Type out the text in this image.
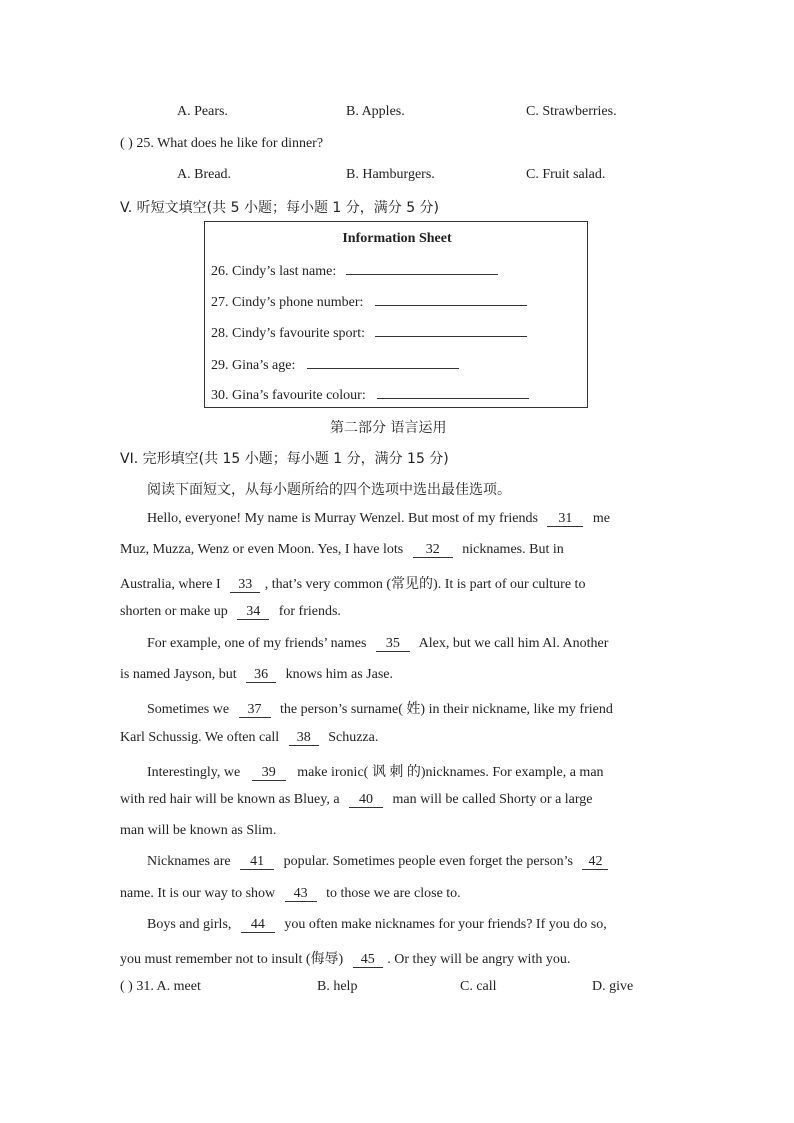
A. Pears.	B. Apples.	C. Strawberries.
( ) 25. What does he like for dinner?
A. Bread.	B. Hamburgers.	C. Fruit salad.
V. 听短文填空(共 5 小题；每小题 1 分，满分 5 分)
Information Sheet
26. Cindy’s last name:
27. Cindy’s phone number:
28. Cindy’s favourite sport:
29. Gina’s age:
30. Gina’s favourite colour:
第二部分 语言运用
VI. 完形填空(共 15 小题；每小题 1 分，满分 15 分)
阅读下面短文，从每小题所给的四个选项中选出最佳选项。
Hello, everyone! My name is Murray Wenzel. But most of my friends 31 me
Muz, Muzza, Wenz or even Moon. Yes, I have lots 32 nicknames. But in
Australia, where I 33 , that’s very common (常见的). It is part of our culture to
shorten or make up 34 for friends.
For example, one of my friends’ names 35 Alex, but we call him Al. Another
is named Jayson, but 36 knows him as Jase.
Sometimes we 37 the person’s surname( 姓) in their nickname, like my friend
Karl Schussig. We often call 38 Schuzza.
Interestingly, we 39 make ironic( 讽 刺 的)nicknames. For example, a man
with red hair will be known as Bluey, a 40 man will be called Shorty or a large
man will be known as Slim.
Nicknames are 41 popular. Sometimes people even forget the person’s 42
name. It is our way to show 43 to those we are close to.
Boys and girls, 44 you often make nicknames for your friends? If you do so,
you must remember not to insult (侮辱) 45 . Or they will be angry with you.
( ) 31. A. meet	B. help	C. call	D. give
